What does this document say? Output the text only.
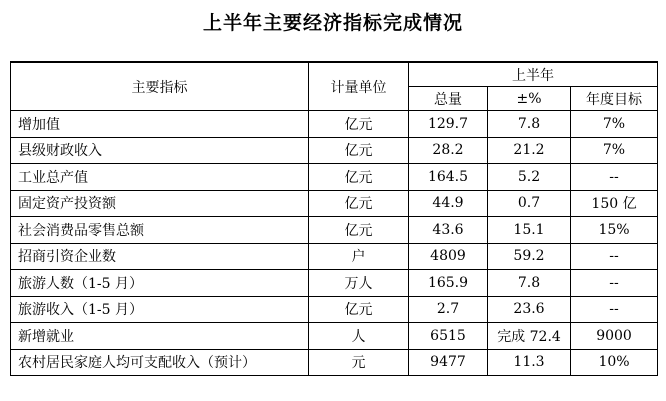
上半年主要经济指标完成情况
主要指标	计量单位	上半年		
		总量	±%	年度目标
增加值	亿元	129.7	7.8	7%
县级财政收入	亿元	28.2	21.2	7%
工业总产值	亿元	164.5	5.2	--
固定资产投资额	亿元	44.9	0.7	150 亿
社会消费品零售总额	亿元	43.6	15.1	15%
招商引资企业数	户	4809	59.2	--
旅游人数（1-5 月）	万人	165.9	7.8	--
旅游收入（1-5 月）	亿元	2.7	23.6	--
新增就业	人	6515	完成 72.4	9000
农村居民家庭人均可支配收入（预计）	元	9477	11.3	10%
